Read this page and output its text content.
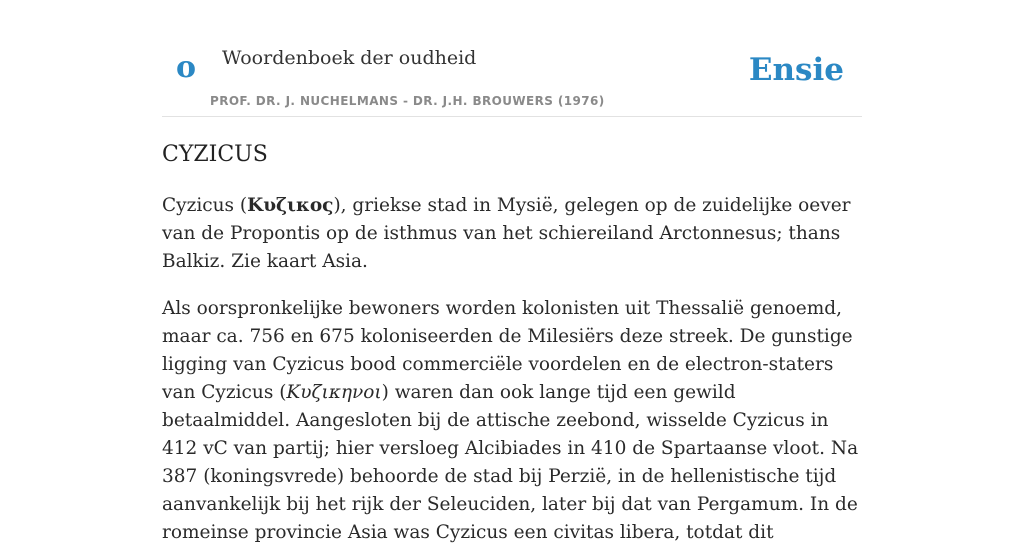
o Woordenboek der oudheid
PROF. DR. J. NUCHELMANS - DR. J.H. BROUWERS (1976)
Ensie
CYZICUS

Cyzicus (Κυζικος), griekse stad in Mysië, gelegen op de zuidelijke oever van de Propontis op de isthmus van het schiereiland Arctonnesus; thans Balkiz. Zie kaart Asia.

Als oorspronkelijke bewoners worden kolonisten uit Thessalië genoemd, maar ca. 756 en 675 koloniseerden de Milesiërs deze streek. De gunstige ligging van Cyzicus bood commerciële voordelen en de electron-staters van Cyzicus (Κυζικηνοι) waren dan ook lange tijd een gewild betaalmiddel. Aangesloten bij de attische zeebond, wisselde Cyzicus in 412 vC van partij; hier versloeg Alcibiades in 410 de Spartaanse vloot. Na 387 (koningsvrede) behoorde de stad bij Perzië, in de hellenistische tijd aanvankelijk bij het rijk der Seleuciden, later bij dat van Pergamum. In de romeinse provincie Asia was Cyzicus een civitas libera, totdat dit
